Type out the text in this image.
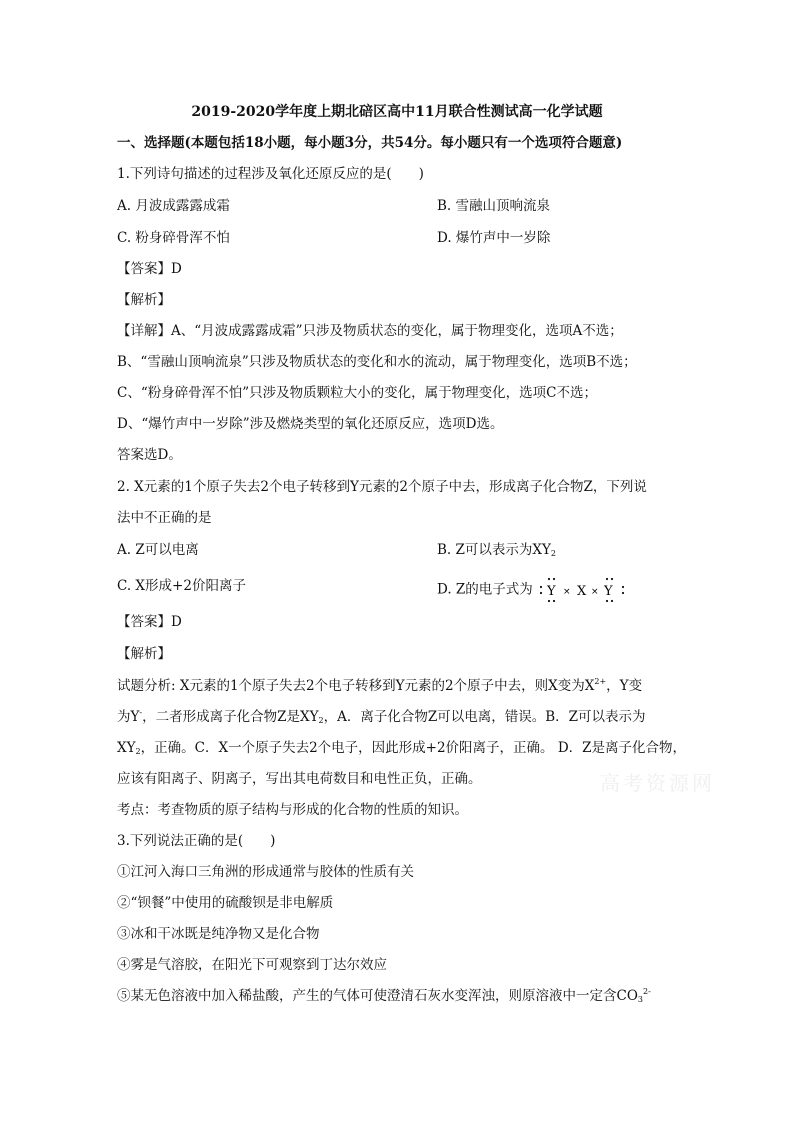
2019-2020学年度上期北碚区高中11月联合性测试高一化学试题
一、选择题(本题包括18小题，每小题3分，共54分。每小题只有一个选项符合题意)
1.下列诗句描述的过程涉及氧化还原反应的是(　　)
A. 月波成露露成霜	B. 雪融山顶响流泉
C. 粉身碎骨浑不怕	D. 爆竹声中一岁除
【答案】D
【解析】
【详解】A、“月波成露露成霜”只涉及物质状态的变化，属于物理变化，选项A不选；
B、“雪融山顶响流泉”只涉及物质状态的变化和水的流动，属于物理变化，选项B不选；
C、“粉身碎骨浑不怕”只涉及物质颗粒大小的变化，属于物理变化，选项C不选；
D、“爆竹声中一岁除”涉及燃烧类型的氧化还原反应，选项D选。
答案选D。
2. X元素的1个原子失去2个电子转移到Y元素的2个原子中去，形成离子化合物Z，下列说
法中不正确的是
A. Z可以电离	B. Z可以表示为$XY_2$
C. X形成+2价阳离子	D. Z的电子式为 Y × X × Y
【答案】D
【解析】
试题分析: X元素的1个原子失去2个电子转移到Y元素的2个原子中去，则X变为$X^{2+}$，Y变
为Y-，二者形成离子化合物Z是$XY_2$，A．离子化合物Z可以电离，错误。B．Z可以表示为
$XY_2$，正确。C．X一个原子失去2个电子，因此形成+2价阳离子，正确。 D．Z是离子化合物，
应该有阳离子、阴离子，写出其电荷数目和电性正负，正确。
考点：考查物质的原子结构与形成的化合物的性质的知识。
3.下列说法正确的是(　　)
①江河入海口三角洲的形成通常与胶体的性质有关
②“钡餐”中使用的硫酸钡是非电解质
③冰和干冰既是纯净物又是化合物
④雾是气溶胶，在阳光下可观察到丁达尔效应
⑤某无色溶液中加入稀盐酸，产生的气体可使澄清石灰水变浑浊，则原溶液中一定含$CO_3^{2-}$
高考资源网
